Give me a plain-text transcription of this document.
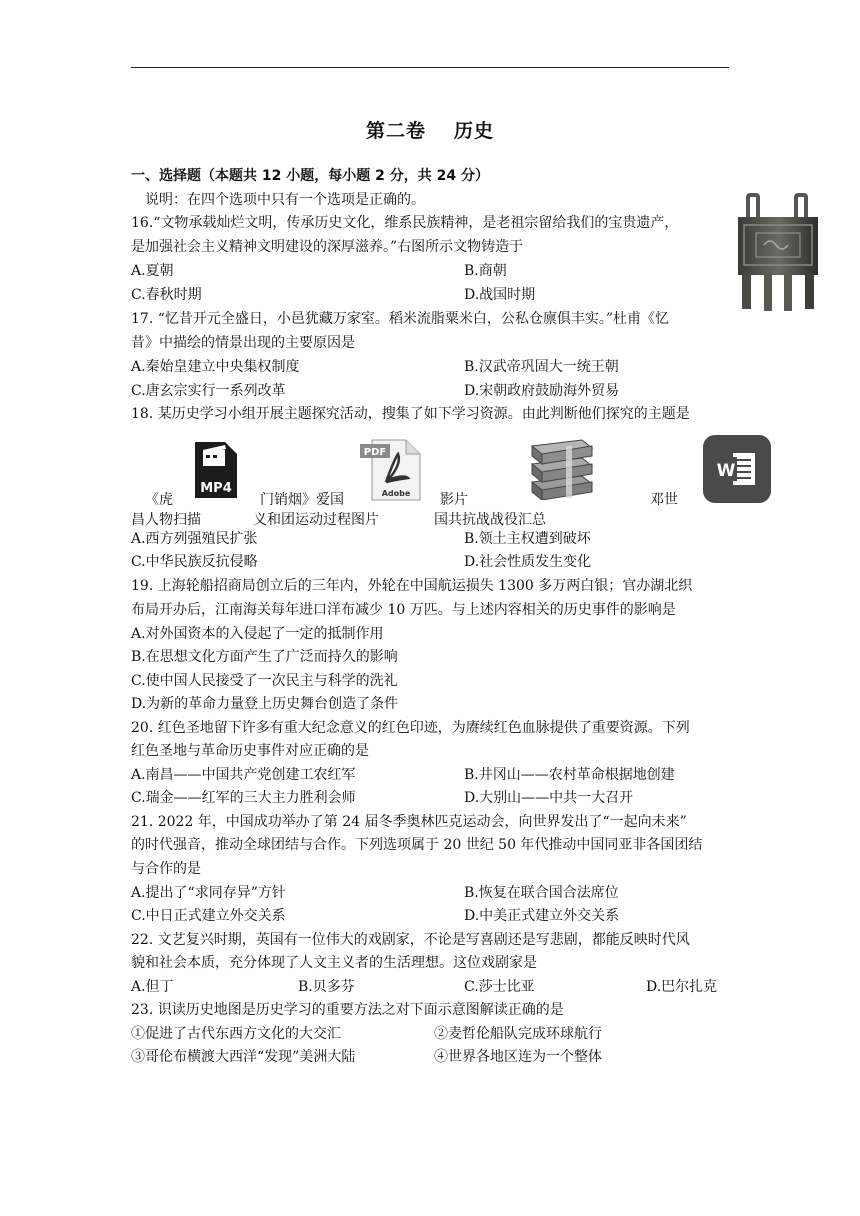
第二卷 历史
一、选择题（本题共 12 小题，每小题 2 分，共 24 分）
说明：在四个选项中只有一个选项是正确的。
16.“文物承载灿烂文明，传承历史文化，维系民族精神，是老祖宗留给我们的宝贵遗产，
是加强社会主义精神文明建设的深厚滋养。”右图所示文物铸造于
A.夏朝	B.商朝
C.春秋时期	D.战国时期
17. “忆昔开元全盛日，小邑犹藏万家室。稻米流脂粟米白，公私仓廪俱丰实。”杜甫《忆
昔》中描绘的情景出现的主要原因是
A.秦始皇建立中央集权制度	B.汉武帝巩固大一统王朝
C.唐玄宗实行一系列改革	D.宋朝政府鼓励海外贸易
18. 某历史学习小组开展主题探究活动，搜集了如下学习资源。由此判断他们探究的主题是
MP4
PDF
Adobe
W
《虎	门销烟》爱国	影片	邓世
昌人物扫描	义和团运动过程图片	国共抗战战役汇总
A.西方列强殖民扩张	B.领土主权遭到破坏
C.中华民族反抗侵略	D.社会性质发生变化
19. 上海轮船招商局创立后的三年内，外轮在中国航运损失 1300 多万两白银；官办湖北织
布局开办后，江南海关每年进口洋布减少 10 万匹。与上述内容相关的历史事件的影响是
A.对外国资本的入侵起了一定的抵制作用
B.在思想文化方面产生了广泛而持久的影响
C.使中国人民接受了一次民主与科学的洗礼
D.为新的革命力量登上历史舞台创造了条件
20. 红色圣地留下许多有重大纪念意义的红色印迹，为赓续红色血脉提供了重要资源。下列
红色圣地与革命历史事件对应正确的是
A.南昌——中国共产党创建工农红军	B.井冈山——农村革命根据地创建
C.瑞金——红军的三大主力胜利会师	D.大别山——中共一大召开
21. 2022 年，中国成功举办了第 24 届冬季奥林匹克运动会，向世界发出了“一起向未来”
的时代强音，推动全球团结与合作。下列选项属于 20 世纪 50 年代推动中国同亚非各国团结
与合作的是
A.提出了“求同存异”方针	B.恢复在联合国合法席位
C.中日正式建立外交关系	D.中美正式建立外交关系
22. 文艺复兴时期，英国有一位伟大的戏剧家，不论是写喜剧还是写悲剧，都能反映时代风
貌和社会本质，充分体现了人文主义者的生活理想。这位戏剧家是
A.但丁	B.贝多芬	C.莎士比亚	D.巴尔扎克
23. 识读历史地图是历史学习的重要方法之对下面示意图解读正确的是
①促进了古代东西方文化的大交汇	②麦哲伦船队完成环球航行
③哥伦布横渡大西洋“发现”美洲大陆	④世界各地区连为一个整体
